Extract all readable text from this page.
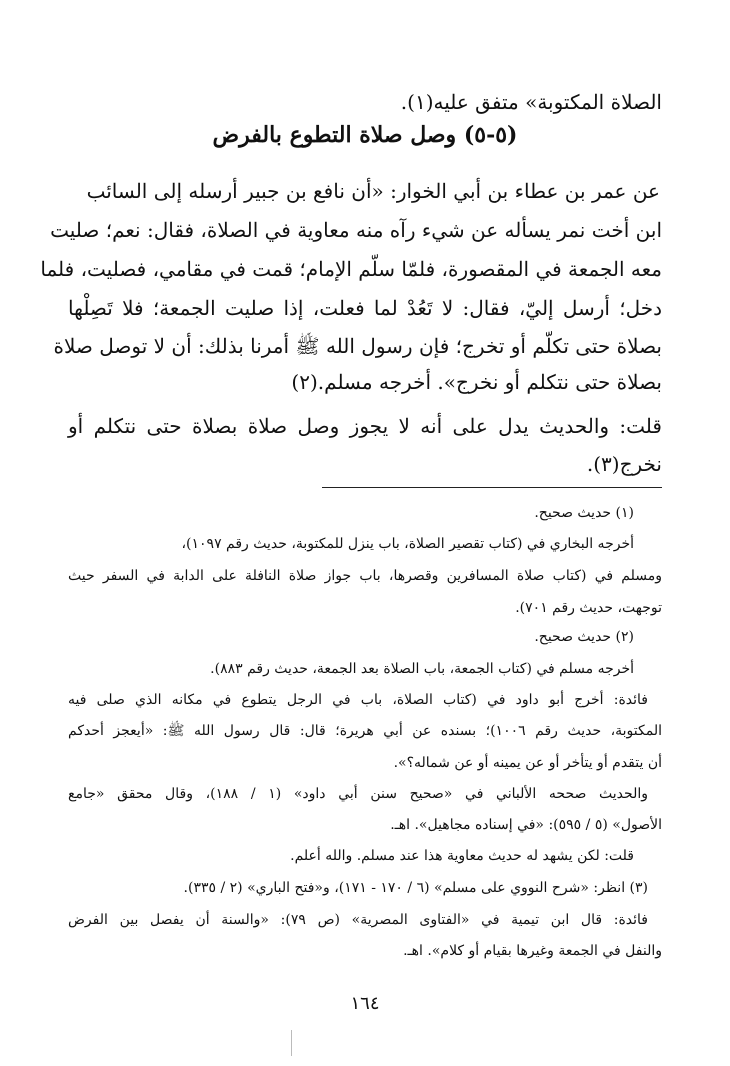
الصلاة المكتوبة» متفق عليه(١).
(٥-٥) وصل صلاة التطوع بالفرض
عن عمر بن عطاء بن أبي الخوار: «أن نافع بن جبير أرسله إلى السائب
ابن أخت نمر يسأله عن شيء رآه منه معاوية في الصلاة، فقال: نعم؛ صليت
معه الجمعة في المقصورة، فلمّا سلّم الإمام؛ قمت في مقامي، فصليت، فلما
دخل؛ أرسل إليّ، فقال: لا تَعُدْ لما فعلت، إذا صليت الجمعة؛ فلا تَصِلْها
بصلاة حتى تكلّم أو تخرج؛ فإن رسول الله ﷺ أمرنا بذلك: أن لا توصل صلاة
بصلاة حتى نتكلم أو نخرج». أخرجه مسلم.(٢)
قلت: والحديث يدل على أنه لا يجوز وصل صلاة بصلاة حتى نتكلم أو
نخرج(٣).
(١) حديث صحيح.
أخرجه البخاري في (كتاب تقصير الصلاة، باب ينزل للمكتوبة، حديث رقم ١٠٩٧)،
ومسلم في (كتاب صلاة المسافرين وقصرها، باب جواز صلاة النافلة على الدابة في السفر حيث
توجهت، حديث رقم ٧٠١).
(٢) حديث صحيح.
أخرجه مسلم في (كتاب الجمعة، باب الصلاة بعد الجمعة، حديث رقم ٨٨٣).
فائدة: أخرج أبو داود في (كتاب الصلاة، باب في الرجل يتطوع في مكانه الذي صلى فيه
المكتوبة، حديث رقم ١٠٠٦)؛ بسنده عن أبي هريرة؛ قال: قال رسول الله ﷺ: «أيعجز أحدكم
أن يتقدم أو يتأخر أو عن يمينه أو عن شماله؟».
والحديث صححه الألباني في «صحيح سنن أبي داود» (١ / ١٨٨)، وقال محقق «جامع
الأصول» (٥ / ٥٩٥): «في إسناده مجاهيل». اهـ.
قلت: لكن يشهد له حديث معاوية هذا عند مسلم. والله أعلم.
(٣) انظر: «شرح النووي على مسلم» (٦ / ١٧٠ - ١٧١)، و«فتح الباري» (٢ / ٣٣٥).
فائدة: قال ابن تيمية في «الفتاوى المصرية» (ص ٧٩): «والسنة أن يفصل بين الفرض
والنفل في الجمعة وغيرها بقيام أو كلام». اهـ.
١٦٤
